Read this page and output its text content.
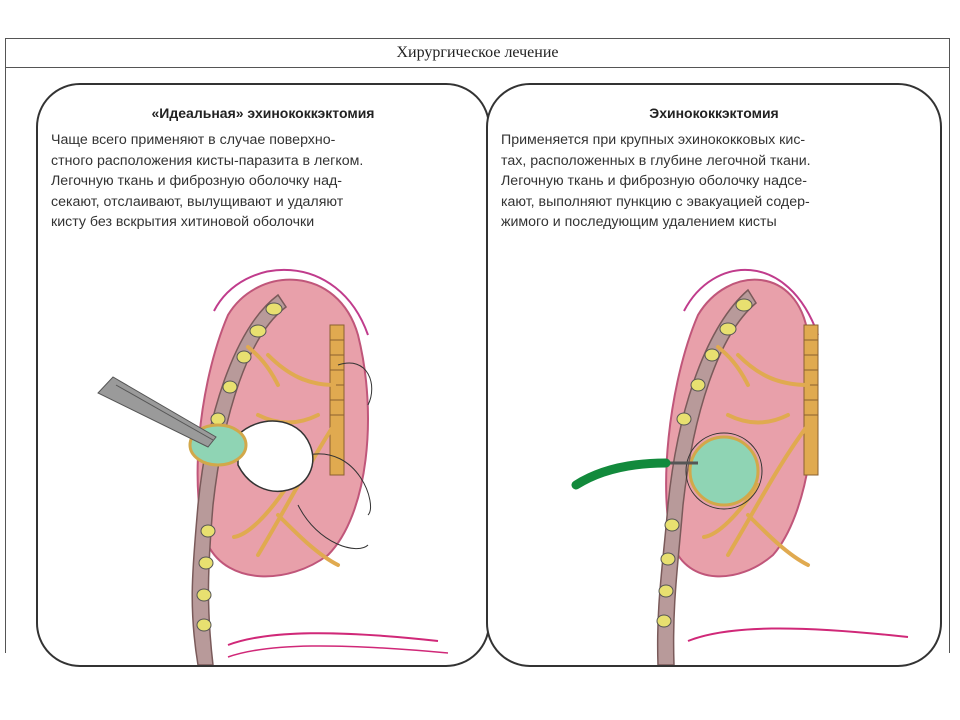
Хирургическое лечение
«Идеальная» эхинококкэктомия
Чаще всего применяют в случае поверхно-
стного расположения кисты-паразита в легком.
Легочную ткань и фиброзную оболочку над-
секают, отслаивают, вылущивают и удаляют
кисту без вскрытия хитиновой оболочки
Эхинококкэктомия
Применяется при крупных эхинококковых кис-
тах, расположенных в глубине легочной ткани.
Легочную ткань и фиброзную оболочку надсе-
кают, выполняют пункцию с эвакуацией содер-
жимого и последующим удалением кисты
